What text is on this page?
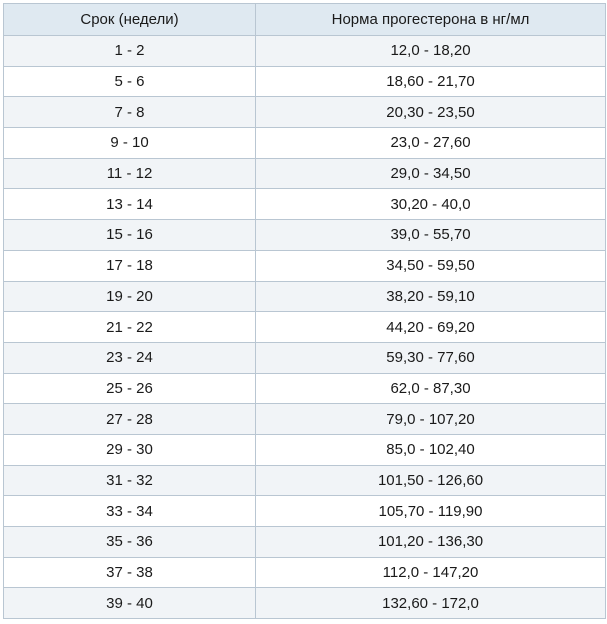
Срок (недели)	Норма прогестерона в нг/мл
1 - 2	12,0 - 18,20
5 - 6	18,60 - 21,70
7 - 8	20,30 - 23,50
9 - 10	23,0 - 27,60
11 - 12	29,0 - 34,50
13 - 14	30,20 - 40,0
15 - 16	39,0 - 55,70
17 - 18	34,50 - 59,50
19 - 20	38,20 - 59,10
21 - 22	44,20 - 69,20
23 - 24	59,30 - 77,60
25 - 26	62,0 - 87,30
27 - 28	79,0 - 107,20
29 - 30	85,0 - 102,40
31 - 32	101,50 - 126,60
33 - 34	105,70 - 119,90
35 - 36	101,20 - 136,30
37 - 38	112,0 - 147,20
39 - 40	132,60 - 172,0
